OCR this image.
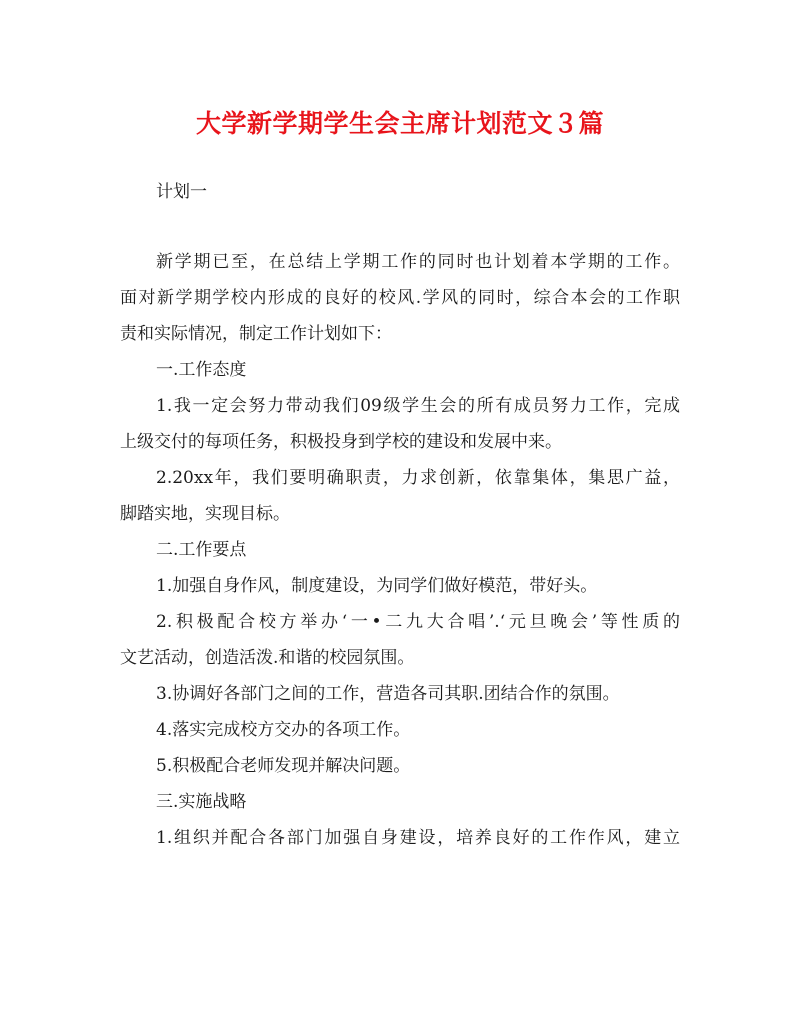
大学新学期学生会主席计划范文３篇

计划一

新学期已至，在总结上学期工作的同时也计划着本学期的工作。

面对新学期学校内形成的良好的校风.学风的同时，综合本会的工作职

责和实际情况，制定工作计划如下：

一.工作态度

1.我一定会努力带动我们09级学生会的所有成员努力工作，完成

上级交付的每项任务，积极投身到学校的建设和发展中来。

2.20xx年，我们要明确职责，力求创新，依靠集体，集思广益，

脚踏实地，实现目标。

二.工作要点

1.加强自身作风，制度建设，为同学们做好模范，带好头。

2.积极配合校方举办‘一•二九大合唱’.‘元旦晚会’等性质的

文艺活动，创造活泼.和谐的校园氛围。

3.协调好各部门之间的工作，营造各司其职.团结合作的氛围。

4.落实完成校方交办的各项工作。

5.积极配合老师发现并解决问题。

三.实施战略

1.组织并配合各部门加强自身建设，培养良好的工作作风，建立
